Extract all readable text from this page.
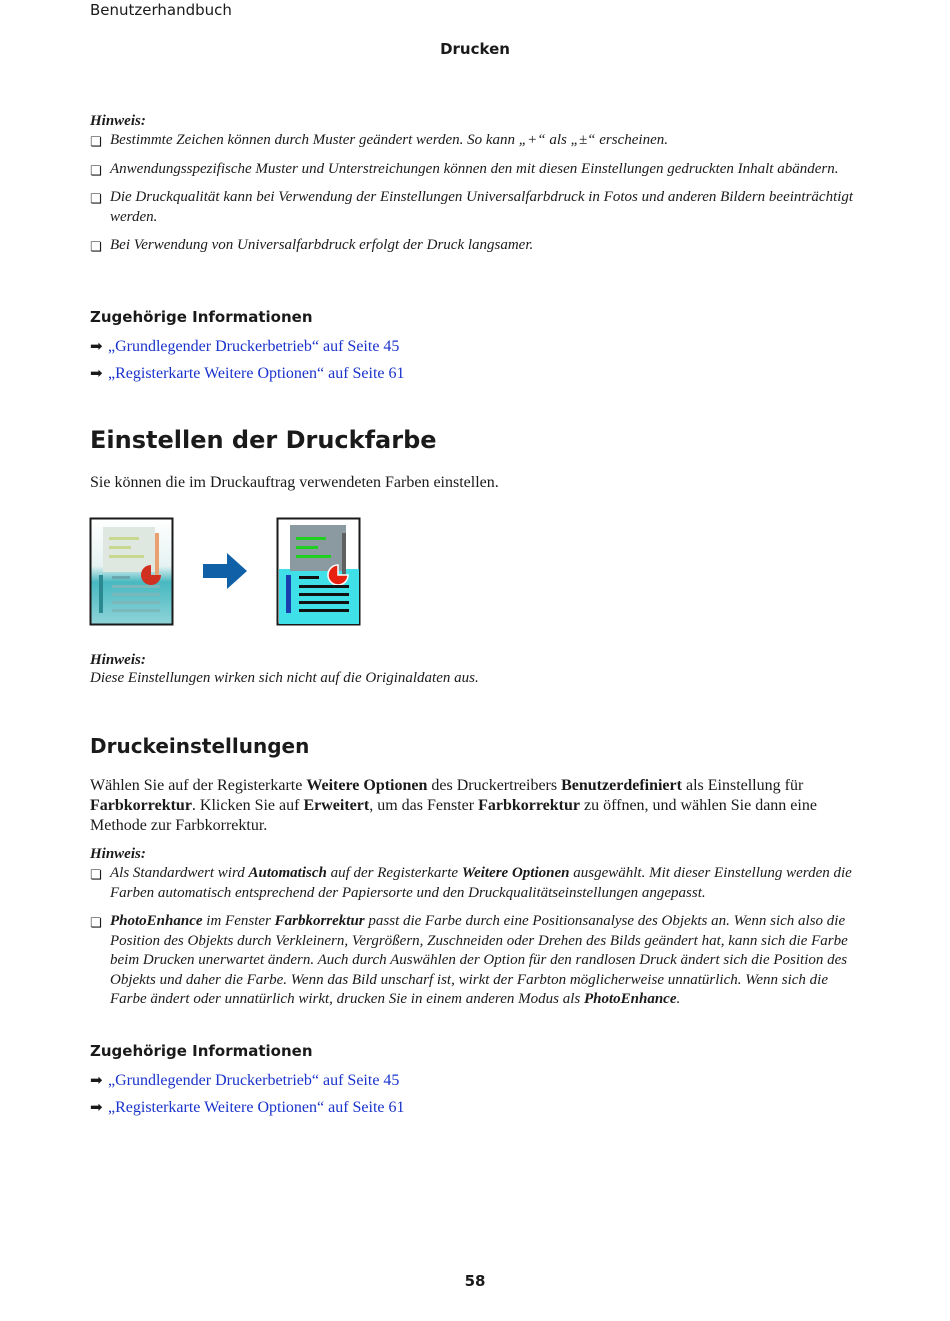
Benutzerhandbuch
Drucken
Hinweis:
❏ Bestimmte Zeichen können durch Muster geändert werden. So kann „+“ als „±“ erscheinen.
❏ Anwendungsspezifische Muster und Unterstreichungen können den mit diesen Einstellungen gedruckten Inhalt abändern.
❏ Die Druckqualität kann bei Verwendung der Einstellungen Universalfarbdruck in Fotos und anderen Bildern beeinträchtigt werden.
❏ Bei Verwendung von Universalfarbdruck erfolgt der Druck langsamer.
Zugehörige Informationen
➡ „Grundlegender Druckerbetrieb“ auf Seite 45
➡ „Registerkarte Weitere Optionen“ auf Seite 61
Einstellen der Druckfarbe
Sie können die im Druckauftrag verwendeten Farben einstellen.
Hinweis:
Diese Einstellungen wirken sich nicht auf die Originaldaten aus.
Druckeinstellungen
Wählen Sie auf der Registerkarte Weitere Optionen des Druckertreibers Benutzerdefiniert als Einstellung für Farbkorrektur. Klicken Sie auf Erweitert, um das Fenster Farbkorrektur zu öffnen, und wählen Sie dann eine Methode zur Farbkorrektur.
Hinweis:
❏ Als Standardwert wird Automatisch auf der Registerkarte Weitere Optionen ausgewählt. Mit dieser Einstellung werden die Farben automatisch entsprechend der Papiersorte und den Druckqualitätseinstellungen angepasst.
❏ PhotoEnhance im Fenster Farbkorrektur passt die Farbe durch eine Positionsanalyse des Objekts an. Wenn sich also die Position des Objekts durch Verkleinern, Vergrößern, Zuschneiden oder Drehen des Bilds geändert hat, kann sich die Farbe beim Drucken unerwartet ändern. Auch durch Auswählen der Option für den randlosen Druck ändert sich die Position des Objekts und daher die Farbe. Wenn das Bild unscharf ist, wirkt der Farbton möglicherweise unnatürlich. Wenn sich die Farbe ändert oder unnatürlich wirkt, drucken Sie in einem anderen Modus als PhotoEnhance.
Zugehörige Informationen
➡ „Grundlegender Druckerbetrieb“ auf Seite 45
➡ „Registerkarte Weitere Optionen“ auf Seite 61
58
